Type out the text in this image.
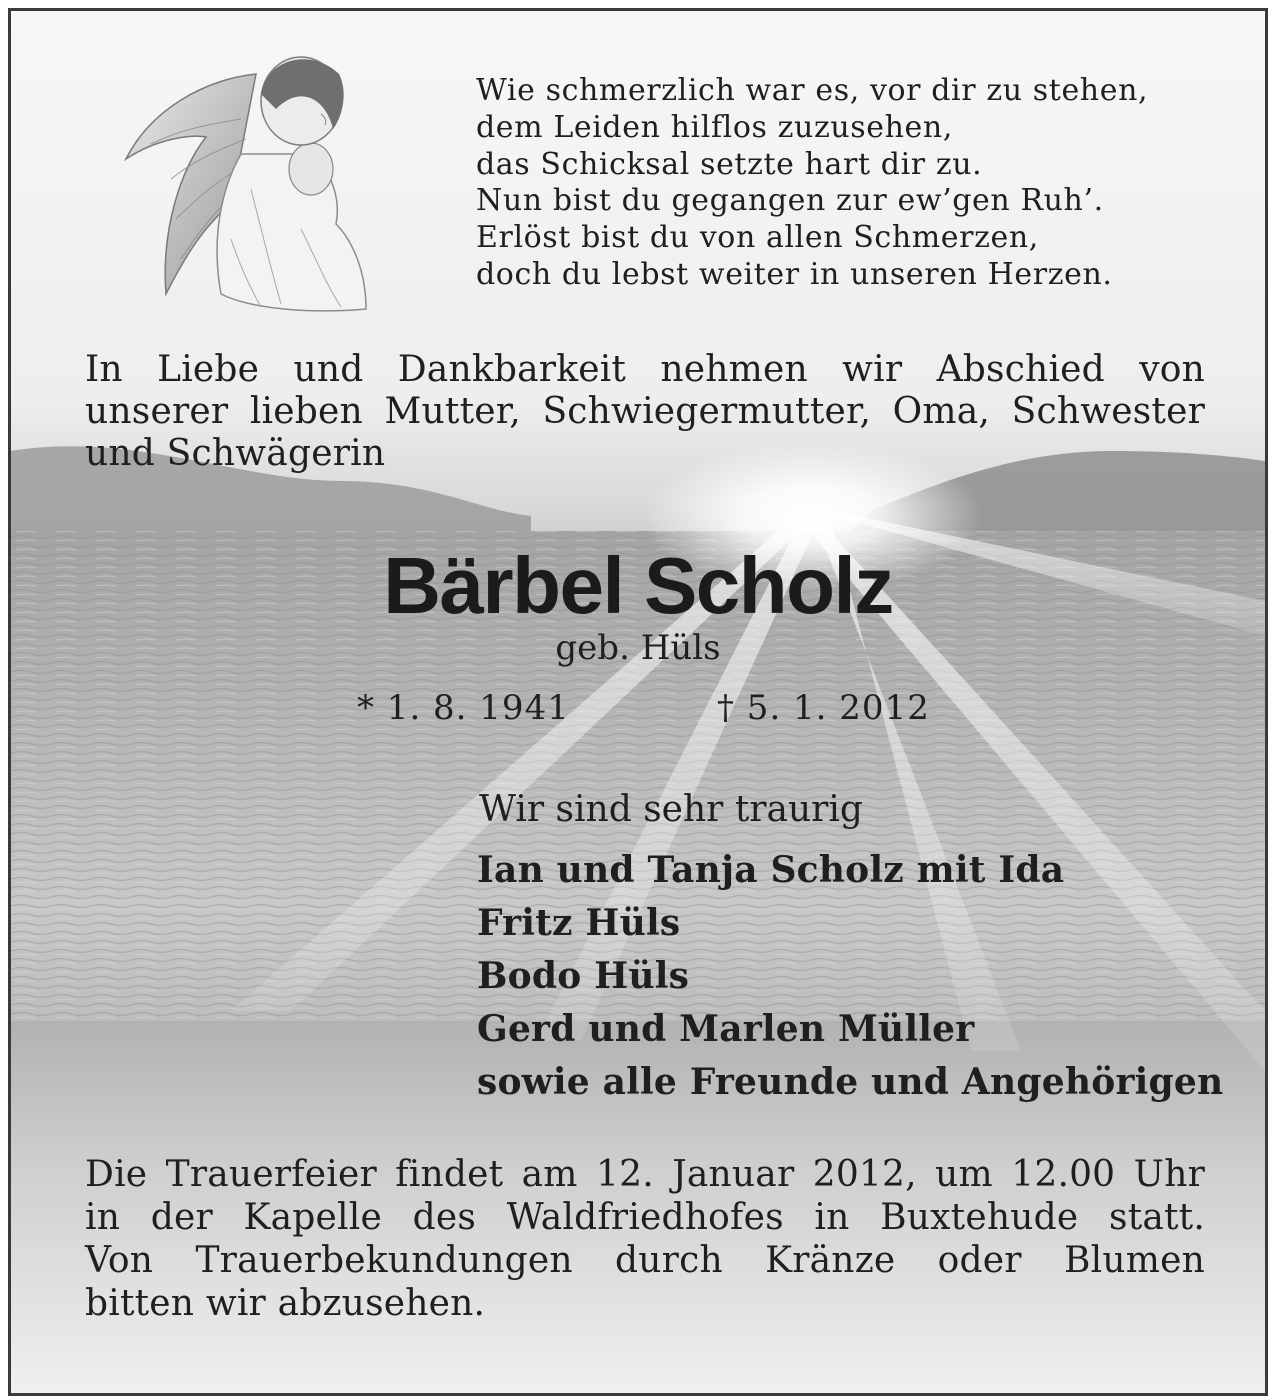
Wie schmerzlich war es, vor dir zu stehen,
dem Leiden hilflos zuzusehen,
das Schicksal setzte hart dir zu.
Nun bist du gegangen zur ew’gen Ruh’.
Erlöst bist du von allen Schmerzen,
doch du lebst weiter in unseren Herzen.
In Liebe und Dankbarkeit nehmen wir Abschied von
unserer lieben Mutter, Schwiegermutter, Oma, Schwester
und Schwägerin
Bärbel Scholz
geb. Hüls
* 1. 8. 1941	† 5. 1. 2012
Wir sind sehr traurig
Ian und Tanja Scholz mit Ida
Fritz Hüls
Bodo Hüls
Gerd und Marlen Müller
sowie alle Freunde und Angehörigen
Die Trauerfeier findet am 12. Januar 2012, um 12.00 Uhr
in der Kapelle des Waldfriedhofes in Buxtehude statt.
Von Trauerbekundungen durch Kränze oder Blumen
bitten wir abzusehen.
